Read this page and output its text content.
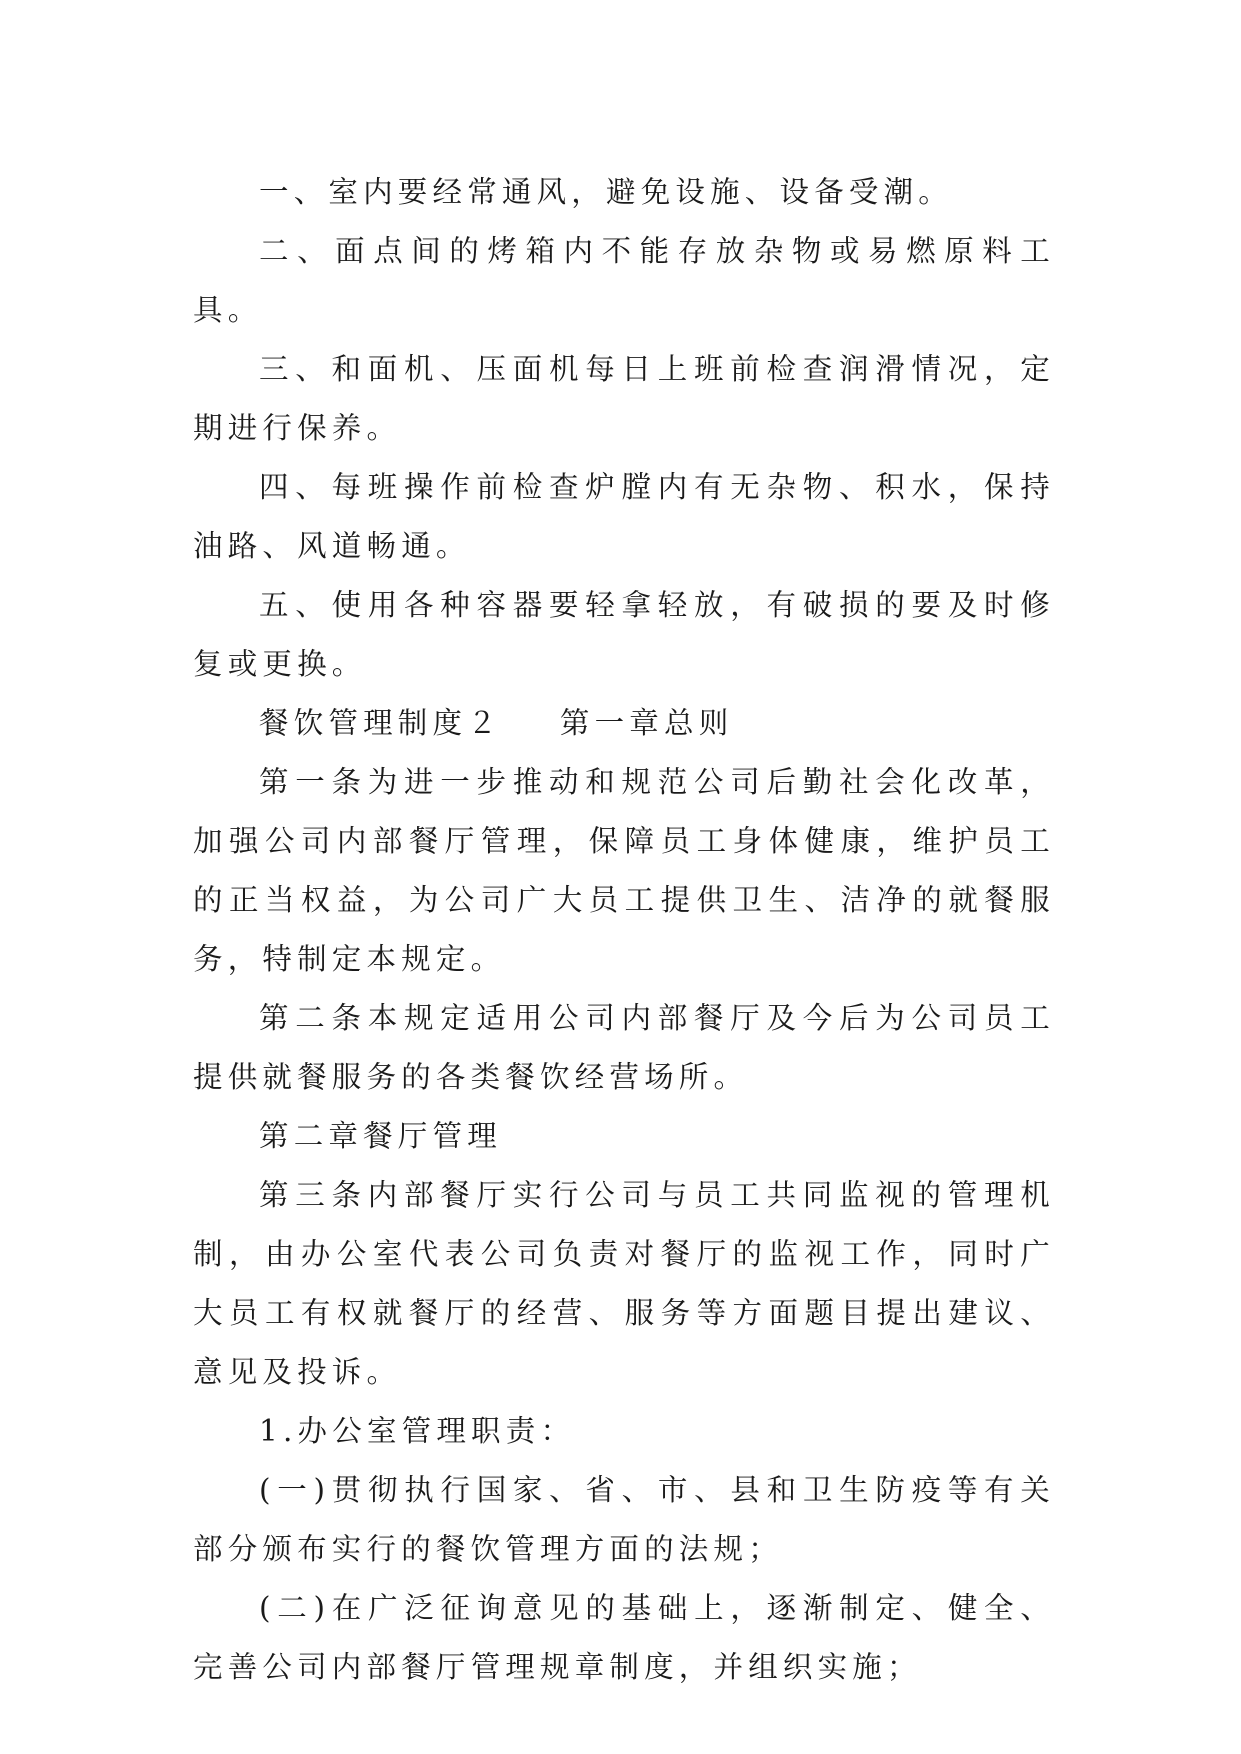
一、室内要经常通风，避免设施、设备受潮。

二、面点间的烤箱内不能存放杂物或易燃原料工具。

三、和面机、压面机每日上班前检查润滑情况，定期进行保养。

四、每班操作前检查炉膛内有无杂物、积水，保持油路、风道畅通。

五、使用各种容器要轻拿轻放，有破损的要及时修复或更换。

餐饮管理制度２ 第一章总则

第一条为进一步推动和规范公司后勤社会化改革，加强公司内部餐厅管理，保障员工身体健康，维护员工的正当权益，为公司广大员工提供卫生、洁净的就餐服务，特制定本规定。

第二条本规定适用公司内部餐厅及今后为公司员工提供就餐服务的各类餐饮经营场所。

第二章餐厅管理

第三条内部餐厅实行公司与员工共同监视的管理机制，由办公室代表公司负责对餐厅的监视工作，同时广大员工有权就餐厅的经营、服务等方面题目提出建议、意见及投诉。

1.办公室管理职责：

(一)贯彻执行国家、省、市、县和卫生防疫等有关部分颁布实行的餐饮管理方面的法规；

(二)在广泛征询意见的基础上，逐渐制定、健全、完善公司内部餐厅管理规章制度，并组织实施；
